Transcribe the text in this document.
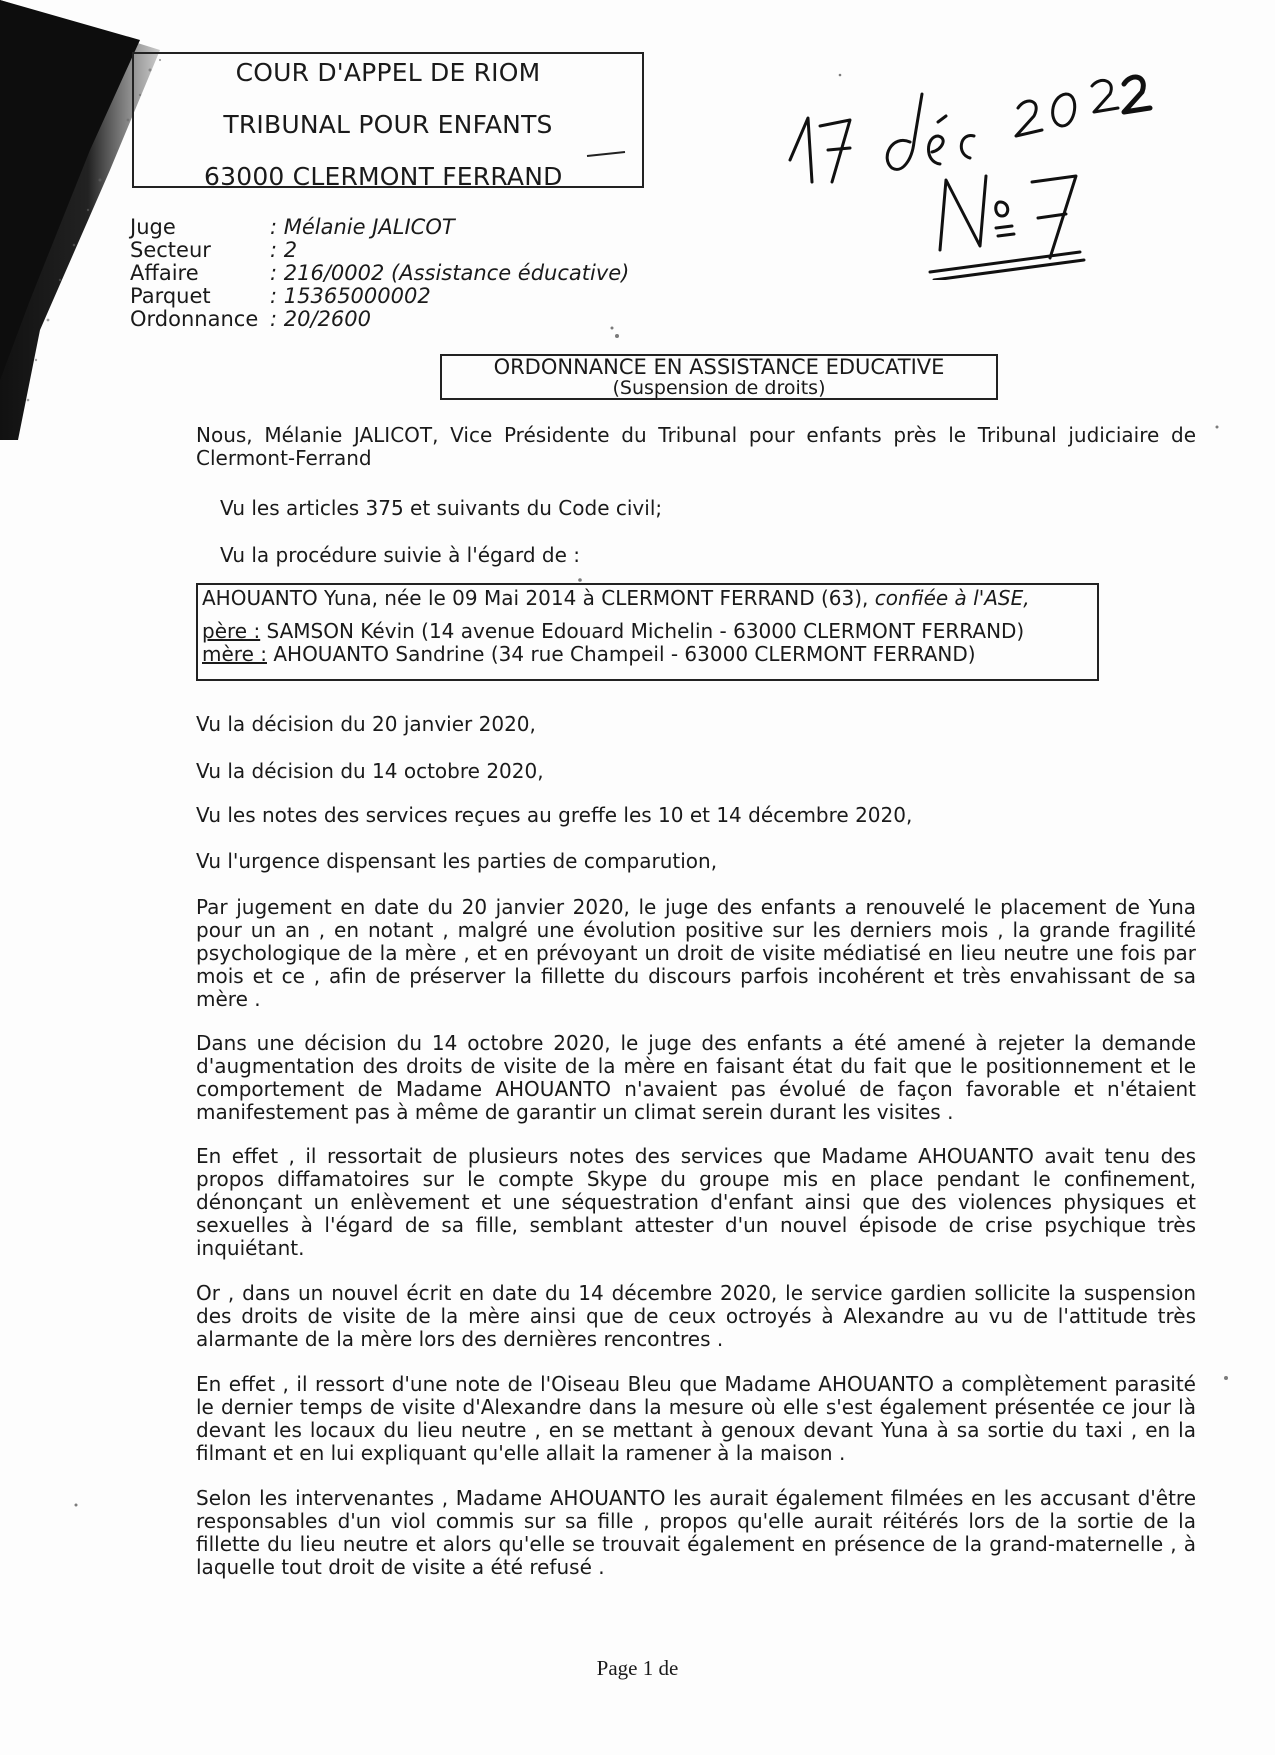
COUR D'APPEL DE RIOM
TRIBUNAL POUR ENFANTS
63000 CLERMONT FERRAND
Juge	: Mélanie JALICOT
Secteur	: 2
Affaire	: 216/0002 (Assistance éducative)
Parquet	: 15365000002
Ordonnance : 20/2600
ORDONNANCE EN ASSISTANCE EDUCATIVE
(Suspension de droits)
Nous, Mélanie JALICOT, Vice Présidente du Tribunal pour enfants près le Tribunal judiciaire de Clermont-Ferrand
Vu les articles 375 et suivants du Code civil;
Vu la procédure suivie à l'égard de :
AHOUANTO Yuna, née le 09 Mai 2014 à CLERMONT FERRAND (63), confiée à l'ASE,
père : SAMSON Kévin (14 avenue Edouard Michelin - 63000 CLERMONT FERRAND)
mère : AHOUANTO Sandrine (34 rue Champeil - 63000 CLERMONT FERRAND)
Vu la décision du 20 janvier 2020,
Vu la décision du 14 octobre 2020,
Vu les notes des services reçues au greffe les 10 et 14 décembre 2020,
Vu l'urgence dispensant les parties de comparution,
Par jugement en date du 20 janvier 2020, le juge des enfants a renouvelé le placement de Yuna pour un an , en notant , malgré une évolution positive sur les derniers mois , la grande fragilité psychologique de la mère , et en prévoyant un droit de visite médiatisé en lieu neutre une fois par mois et ce , afin de préserver la fillette du discours parfois incohérent et très envahissant de sa mère .
Dans une décision du 14 octobre 2020, le juge des enfants a été amené à rejeter la demande d'augmentation des droits de visite de la mère en faisant état du fait que le positionnement et le comportement de Madame AHOUANTO n'avaient pas évolué de façon favorable et n'étaient manifestement pas à même de garantir un climat serein durant les visites .
En effet , il ressortait de plusieurs notes des services que Madame AHOUANTO avait tenu des propos diffamatoires sur le compte Skype du groupe mis en place pendant le confinement, dénonçant un enlèvement et une séquestration d'enfant ainsi que des violences physiques et sexuelles à l'égard de sa fille, semblant attester d'un nouvel épisode de crise psychique très inquiétant.
Or , dans un nouvel écrit en date du 14 décembre 2020, le service gardien sollicite la suspension des droits de visite de la mère ainsi que de ceux octroyés à Alexandre au vu de l'attitude très alarmante de la mère lors des dernières rencontres .
En effet , il ressort d'une note de l'Oiseau Bleu que Madame AHOUANTO a complètement parasité le dernier temps de visite d'Alexandre dans la mesure où elle s'est également présentée ce jour là devant les locaux du lieu neutre , en se mettant à genoux devant Yuna à sa sortie du taxi , en la filmant et en lui expliquant qu'elle allait la ramener à la maison .
Selon les intervenantes , Madame AHOUANTO les aurait également filmées en les accusant d'être responsables d'un viol commis sur sa fille , propos qu'elle aurait réitérés lors de la sortie de la fillette du lieu neutre et alors qu'elle se trouvait également en présence de la grand-maternelle , à laquelle tout droit de visite a été refusé .
Page 1 de
